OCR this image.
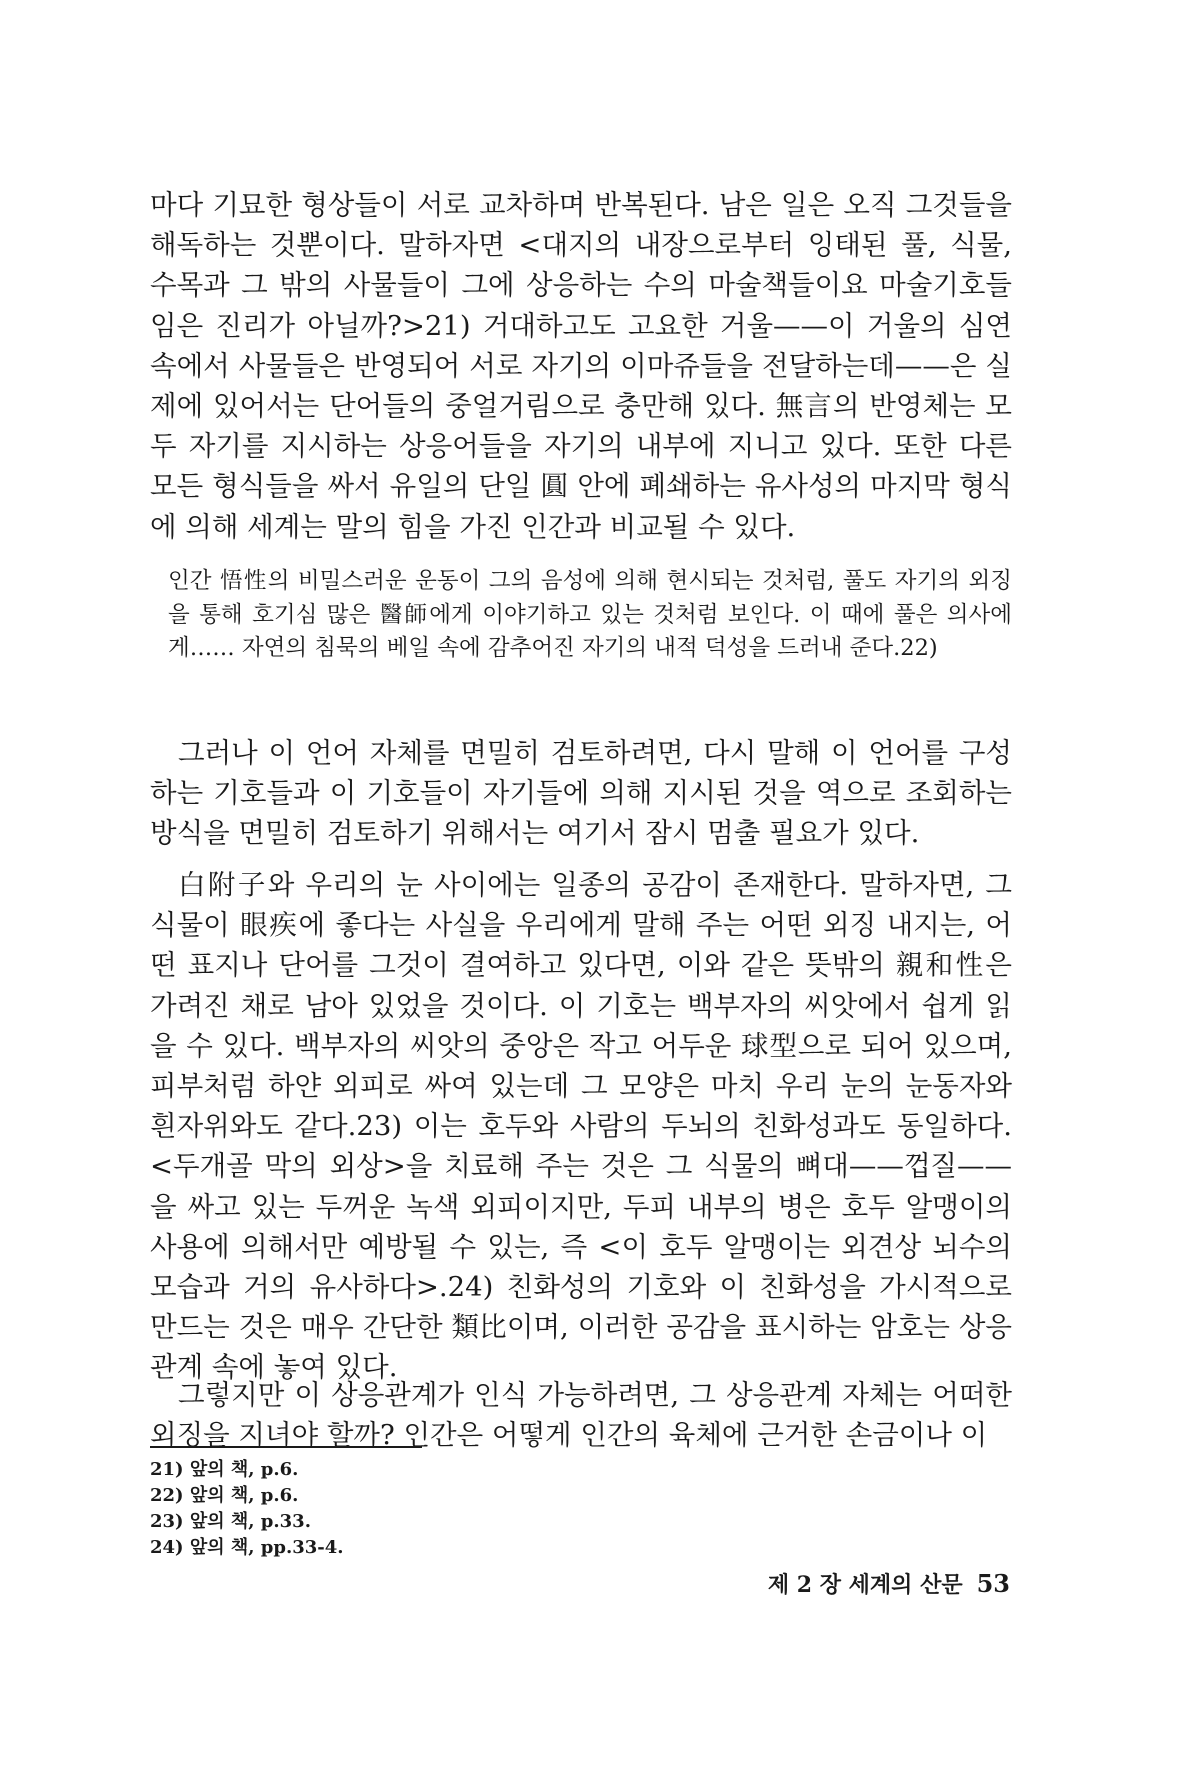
마다 기묘한 형상들이 서로 교차하며 반복된다. 남은 일은 오직 그것들을 해독하는 것뿐이다. 말하자면 <대지의 내장으로부터 잉태된 풀, 식물, 수목과 그 밖의 사물들이 그에 상응하는 수의 마술책들이요 마술기호들임은 진리가 아닐까?>21) 거대하고도 고요한 거울——이 거울의 심연 속에서 사물들은 반영되어 서로 자기의 이마쥬들을 전달하는데——은 실제에 있어서는 단어들의 중얼거림으로 충만해 있다. 無言의 반영체는 모두 자기를 지시하는 상응어들을 자기의 내부에 지니고 있다. 또한 다른 모든 형식들을 싸서 유일의 단일 圓 안에 폐쇄하는 유사성의 마지막 형식에 의해 세계는 말의 힘을 가진 인간과 비교될 수 있다.

인간 悟性의 비밀스러운 운동이 그의 음성에 의해 현시되는 것처럼, 풀도 자기의 외징을 통해 호기심 많은 醫師에게 이야기하고 있는 것처럼 보인다. 이 때에 풀은 의사에게…… 자연의 침묵의 베일 속에 감추어진 자기의 내적 덕성을 드러내 준다.22)

그러나 이 언어 자체를 면밀히 검토하려면, 다시 말해 이 언어를 구성하는 기호들과 이 기호들이 자기들에 의해 지시된 것을 역으로 조회하는 방식을 면밀히 검토하기 위해서는 여기서 잠시 멈출 필요가 있다.

白附子와 우리의 눈 사이에는 일종의 공감이 존재한다. 말하자면, 그 식물이 眼疾에 좋다는 사실을 우리에게 말해 주는 어떤 외징 내지는, 어떤 표지나 단어를 그것이 결여하고 있다면, 이와 같은 뜻밖의 親和性은 가려진 채로 남아 있었을 것이다. 이 기호는 백부자의 씨앗에서 쉽게 읽을 수 있다. 백부자의 씨앗의 중앙은 작고 어두운 球型으로 되어 있으며, 피부처럼 하얀 외피로 싸여 있는데 그 모양은 마치 우리 눈의 눈동자와 흰자위와도 같다.23) 이는 호두와 사람의 두뇌의 친화성과도 동일하다. <두개골 막의 외상>을 치료해 주는 것은 그 식물의 뼈대——껍질——을 싸고 있는 두꺼운 녹색 외피이지만, 두피 내부의 병은 호두 알맹이의 사용에 의해서만 예방될 수 있는, 즉 <이 호두 알맹이는 외견상 뇌수의 모습과 거의 유사하다>.24) 친화성의 기호와 이 친화성을 가시적으로 만드는 것은 매우 간단한 類比이며, 이러한 공감을 표시하는 암호는 상응관계 속에 놓여 있다.

그렇지만 이 상응관계가 인식 가능하려면, 그 상응관계 자체는 어떠한 외징을 지녀야 할까? 인간은 어떻게 인간의 육체에 근거한 손금이나 이

21) 앞의 책, p.6.
22) 앞의 책, p.6.
23) 앞의 책, p.33.
24) 앞의 책, pp.33-4.
제 2 장 세계의 산문 53
